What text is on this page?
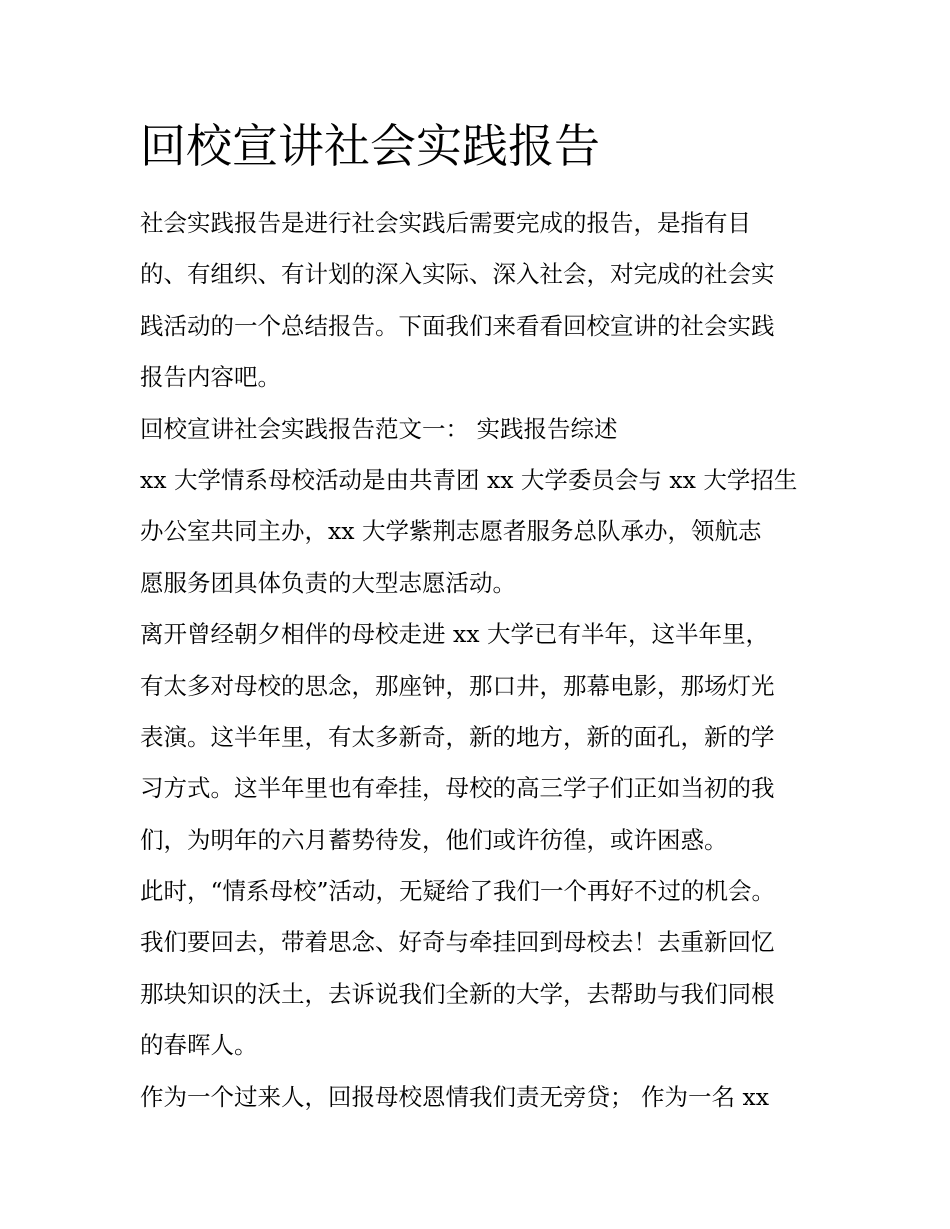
回校宣讲社会实践报告

社会实践报告是进行社会实践后需要完成的报告，是指有目
的、有组织、有计划的深入实际、深入社会，对完成的社会实
践活动的一个总结报告。下面我们来看看回校宣讲的社会实践
报告内容吧。

回校宣讲社会实践报告范文一： 实践报告综述

xx 大学情系母校活动是由共青团 xx 大学委员会与 xx 大学招生
办公室共同主办，xx 大学紫荆志愿者服务总队承办，领航志
愿服务团具体负责的大型志愿活动。

离开曾经朝夕相伴的母校走进 xx 大学已有半年，这半年里，
有太多对母校的思念，那座钟，那口井，那幕电影，那场灯光
表演。这半年里，有太多新奇，新的地方，新的面孔，新的学
习方式。这半年里也有牵挂，母校的高三学子们正如当初的我
们，为明年的六月蓄势待发，他们或许彷徨，或许困惑。

此时，“情系母校”活动，无疑给了我们一个再好不过的机会。
我们要回去，带着思念、好奇与牵挂回到母校去！去重新回忆
那块知识的沃土，去诉说我们全新的大学，去帮助与我们同根
的春晖人。

作为一个过来人，回报母校恩情我们责无旁贷； 作为一名 xx
